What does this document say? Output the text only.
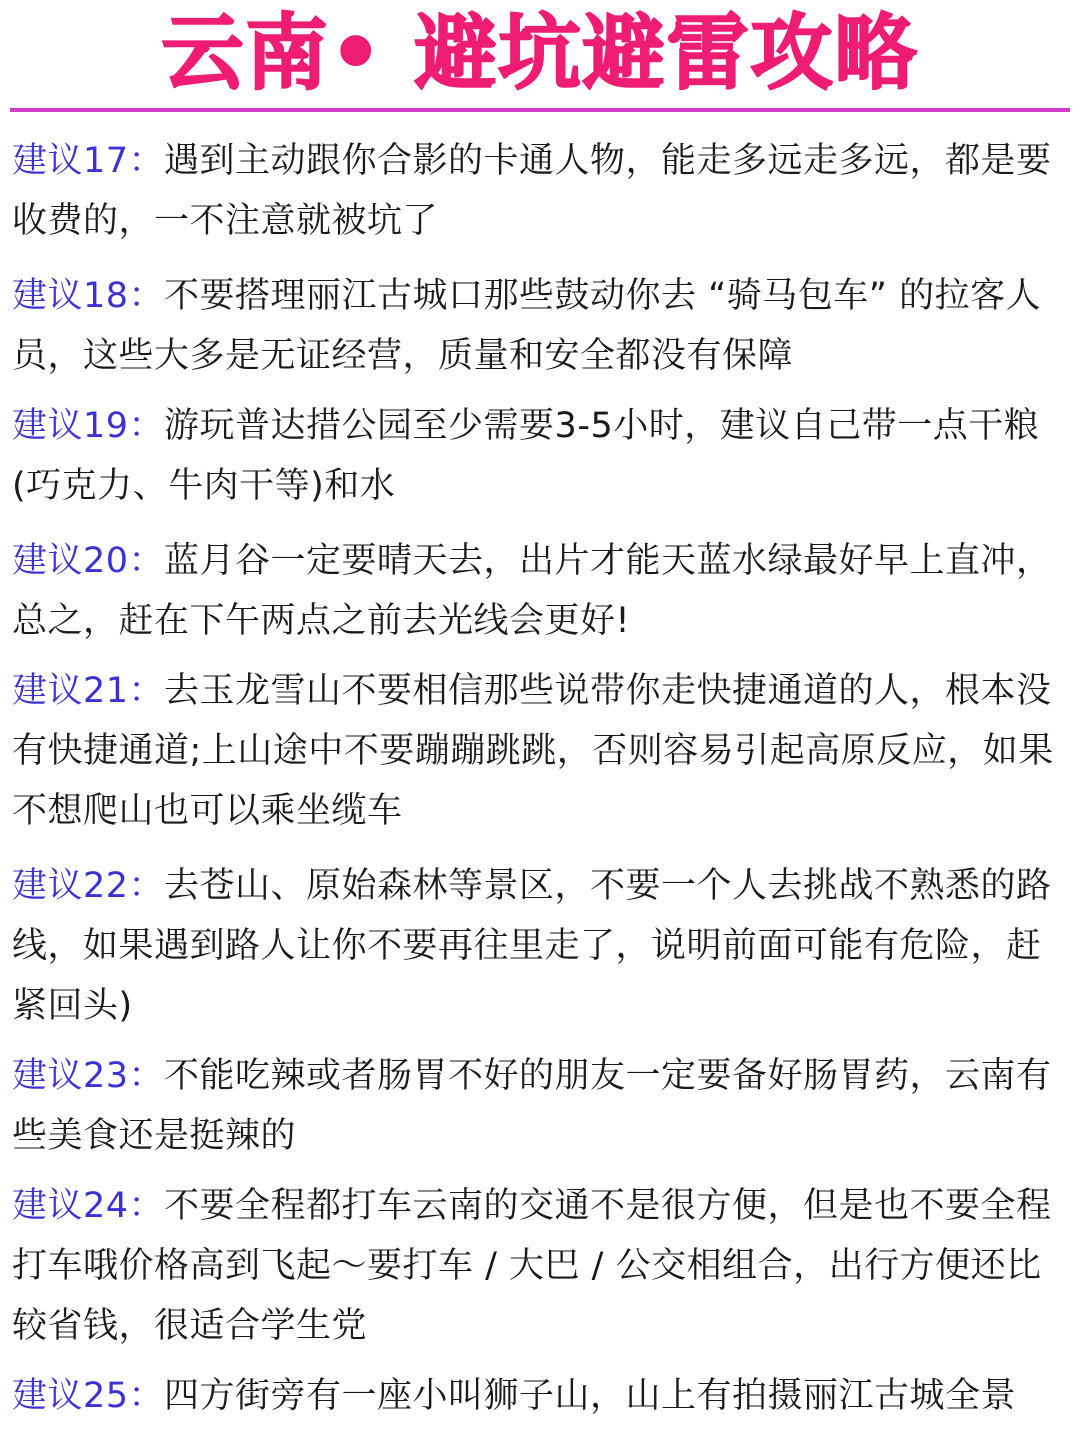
云南• 避坑避雷攻略
建议17：遇到主动跟你合影的卡通人物，能走多远走多远，都是要收费的，一不注意就被坑了
建议18：不要搭理丽江古城口那些鼓动你去 “骑马包车” 的拉客人员，这些大多是无证经营，质量和安全都没有保障
建议19：游玩普达措公园至少需要3-5小时，建议自己带一点干粮(巧克力、牛肉干等)和水
建议20：蓝月谷一定要晴天去，出片才能天蓝水绿最好早上直冲，总之，赶在下午两点之前去光线会更好!
建议21：去玉龙雪山不要相信那些说带你走快捷通道的人，根本没有快捷通道;上山途中不要蹦蹦跳跳，否则容易引起高原反应，如果不想爬山也可以乘坐缆车
建议22：去苍山、原始森林等景区，不要一个人去挑战不熟悉的路线，如果遇到路人让你不要再往里走了，说明前面可能有危险，赶紧回头)
建议23：不能吃辣或者肠胃不好的朋友一定要备好肠胃药，云南有些美食还是挺辣的
建议24：不要全程都打车云南的交通不是很方便，但是也不要全程打车哦价格高到飞起～要打车 / 大巴 / 公交相组合，出行方便还比较省钱，很适合学生党
建议25：四方街旁有一座小叫狮子山，山上有拍摄丽江古城全景
